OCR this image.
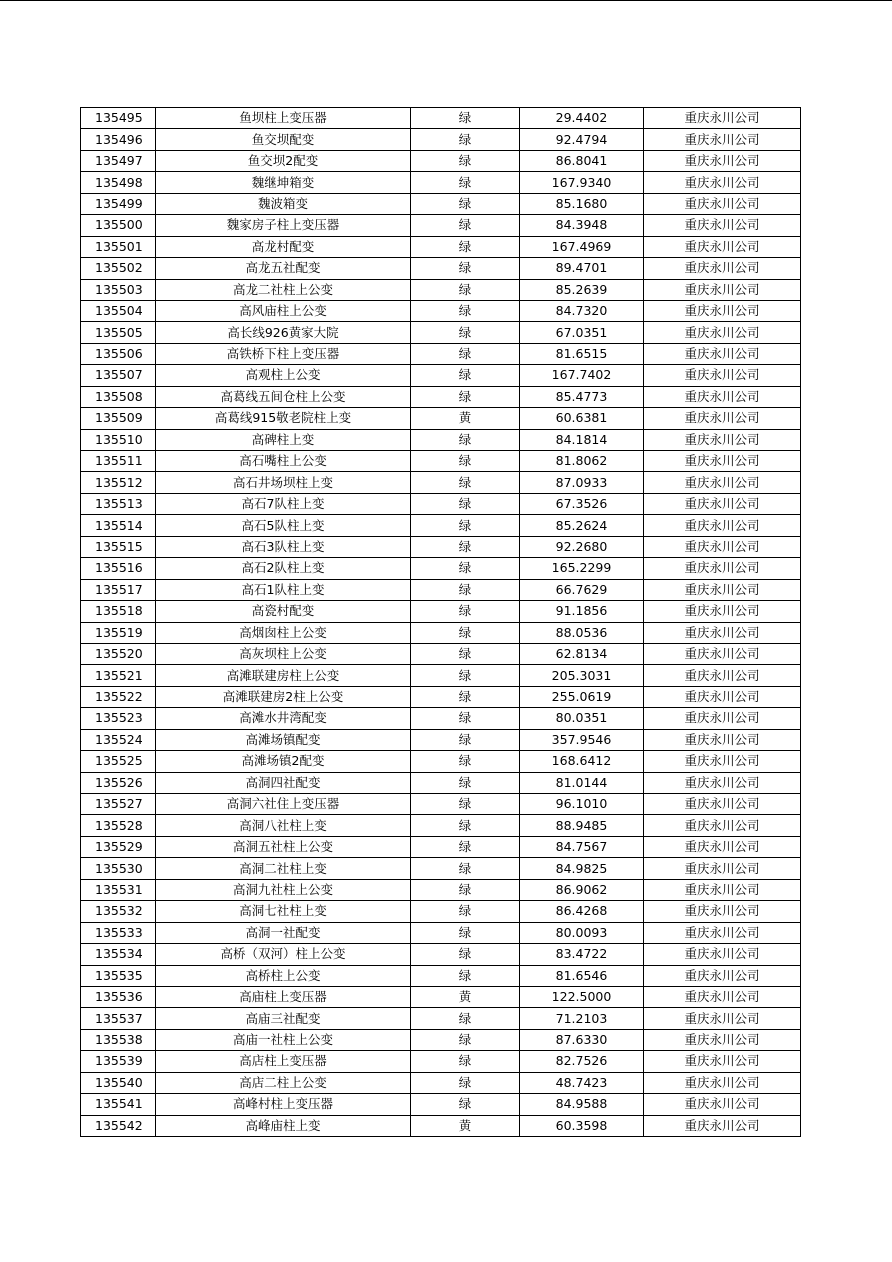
135495	鱼坝柱上变压器	绿	29.4402	重庆永川公司
135496	鱼交坝配变	绿	92.4794	重庆永川公司
135497	鱼交坝2配变	绿	86.8041	重庆永川公司
135498	魏继坤箱变	绿	167.9340	重庆永川公司
135499	魏波箱变	绿	85.1680	重庆永川公司
135500	魏家房子柱上变压器	绿	84.3948	重庆永川公司
135501	高龙村配变	绿	167.4969	重庆永川公司
135502	高龙五社配变	绿	89.4701	重庆永川公司
135503	高龙二社柱上公变	绿	85.2639	重庆永川公司
135504	高风庙柱上公变	绿	84.7320	重庆永川公司
135505	高长线926黄家大院	绿	67.0351	重庆永川公司
135506	高铁桥下柱上变压器	绿	81.6515	重庆永川公司
135507	高观柱上公变	绿	167.7402	重庆永川公司
135508	高葛线五间仓柱上公变	绿	85.4773	重庆永川公司
135509	高葛线915敬老院柱上变	黄	60.6381	重庆永川公司
135510	高碑柱上变	绿	84.1814	重庆永川公司
135511	高石嘴柱上公变	绿	81.8062	重庆永川公司
135512	高石井场坝柱上变	绿	87.0933	重庆永川公司
135513	高石7队柱上变	绿	67.3526	重庆永川公司
135514	高石5队柱上变	绿	85.2624	重庆永川公司
135515	高石3队柱上变	绿	92.2680	重庆永川公司
135516	高石2队柱上变	绿	165.2299	重庆永川公司
135517	高石1队柱上变	绿	66.7629	重庆永川公司
135518	高瓷村配变	绿	91.1856	重庆永川公司
135519	高烟囱柱上公变	绿	88.0536	重庆永川公司
135520	高灰坝柱上公变	绿	62.8134	重庆永川公司
135521	高滩联建房柱上公变	绿	205.3031	重庆永川公司
135522	高滩联建房2柱上公变	绿	255.0619	重庆永川公司
135523	高滩水井湾配变	绿	80.0351	重庆永川公司
135524	高滩场镇配变	绿	357.9546	重庆永川公司
135525	高滩场镇2配变	绿	168.6412	重庆永川公司
135526	高洞四社配变	绿	81.0144	重庆永川公司
135527	高洞六社住上变压器	绿	96.1010	重庆永川公司
135528	高洞八社柱上变	绿	88.9485	重庆永川公司
135529	高洞五社柱上公变	绿	84.7567	重庆永川公司
135530	高洞二社柱上变	绿	84.9825	重庆永川公司
135531	高洞九社柱上公变	绿	86.9062	重庆永川公司
135532	高洞七社柱上变	绿	86.4268	重庆永川公司
135533	高洞一社配变	绿	80.0093	重庆永川公司
135534	高桥（双河）柱上公变	绿	83.4722	重庆永川公司
135535	高桥柱上公变	绿	81.6546	重庆永川公司
135536	高庙柱上变压器	黄	122.5000	重庆永川公司
135537	高庙三社配变	绿	71.2103	重庆永川公司
135538	高庙一社柱上公变	绿	87.6330	重庆永川公司
135539	高店柱上变压器	绿	82.7526	重庆永川公司
135540	高店二柱上公变	绿	48.7423	重庆永川公司
135541	高峰村柱上变压器	绿	84.9588	重庆永川公司
135542	高峰庙柱上变	黄	60.3598	重庆永川公司
